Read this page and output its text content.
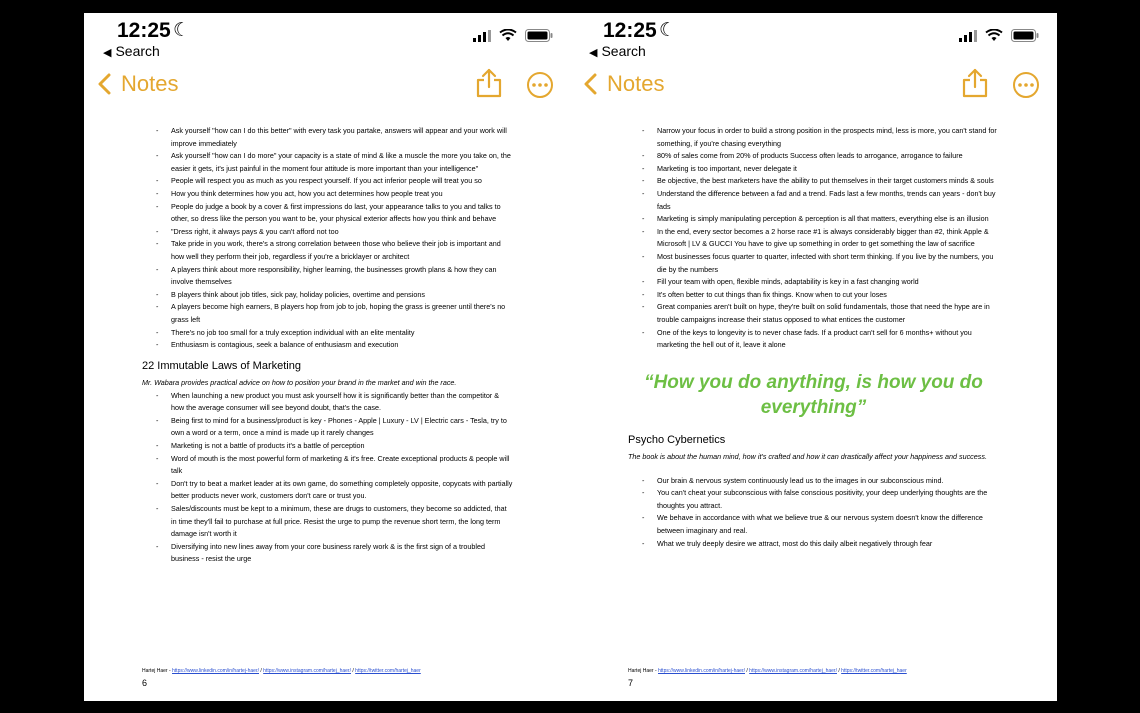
12:25 ☾
◀ Search
Notes
- Ask yourself "how can I do this better" with every task you partake, answers will appear and your work will improve immediately
- Ask yourself "how can I do more" your capacity is a state of mind & like a muscle the more you take on, the easier it gets, it's just painful in the moment four attitude is more important than your intelligence"
- People will respect you as much as you respect yourself. If you act inferior people will treat you so
- How you think determines how you act, how you act determines how people treat you
- People do judge a book by a cover & first impressions do last, your appearance talks to you and talks to other, so dress like the person you want to be, your physical exterior affects how you think and behave
- "Dress right, it always pays & you can't afford not too
- Take pride in you work, there's a strong correlation between those who believe their job is important and how well they perform their job, regardless if you're a bricklayer or architect
- A players think about more responsibility, higher learning, the businesses growth plans & how they can involve themselves
- B players think about job titles, sick pay, holiday policies, overtime and pensions
- A players become high earners, B players hop from job to job, hoping the grass is greener until there's no grass left
- There's no job too small for a truly exception individual with an elite mentality
- Enthusiasm is contagious, seek a balance of enthusiasm and execution
22 Immutable Laws of Marketing
Mr. Wabara provides practical advice on how to position your brand in the market and win the race.
- When launching a new product you must ask yourself how it is significantly better than the competitor & how the average consumer will see beyond doubt, that's the case.
- Being first to mind for a business/product is key - Phones - Apple | Luxury - LV | Electric cars - Tesla, try to own a word or a term, once a mind is made up it rarely changes
- Marketing is not a battle of products it's a battle of perception
- Word of mouth is the most powerful form of marketing & it's free. Create exceptional products & people will talk
- Don't try to beat a market leader at its own game, do something completely opposite, copycats with partially better products never work, customers don't care or trust you.
- Sales/discounts must be kept to a minimum, these are drugs to customers, they become so addicted, that in time they'll fail to purchase at full price. Resist the urge to pump the revenue short term, the long term damage isn't worth it
- Diversifying into new lines away from your core business rarely work & is the first sign of a troubled business - resist the urge
Hartej Haer - https://www.linkedin.com/in/hartej-haer/ / https://www.instagram.com/hartej_haer/ / https://twitter.com/hartej_haer
6
12:25 ☾
◀ Search
Notes
- Narrow your focus in order to build a strong position in the prospects mind, less is more, you can't stand for something, if you're chasing everything
- 80% of sales come from 20% of products Success often leads to arrogance, arrogance to failure
- Marketing is too important, never delegate it
- Be objective, the best marketers have the ability to put themselves in their target customers minds & souls
- Understand the difference between a fad and a trend. Fads last a few months, trends can years - don't buy fads
- Marketing is simply manipulating perception & perception is all that matters, everything else is an illusion
- In the end, every sector becomes a 2 horse race #1 is always considerably bigger than #2, think Apple & Microsoft | LV & GUCCI You have to give up something in order to get something the law of sacrifice
- Most businesses focus quarter to quarter, infected with short term thinking. If you live by the numbers, you die by the numbers
- Fill your team with open, flexible minds, adaptability is key in a fast changing world
- It's often better to cut things than fix things. Know when to cut your loses
- Great companies aren't built on hype, they're built on solid fundamentals, those that need the hype are in trouble campaigns increase their status opposed to what entices the customer
- One of the keys to longevity is to never chase fads. If a product can't sell for 6 months+ without you marketing the hell out of it, leave it alone
“How you do anything, is how you do everything”
Psycho Cybernetics
The book is about the human mind, how it's crafted and how it can drastically affect your happiness and success.
- Our brain & nervous system continuously lead us to the images in our subconscious mind.
- You can't cheat your subconscious with false conscious positivity, your deep underlying thoughts are the thoughts you attract.
- We behave in accordance with what we believe true & our nervous system doesn't know the difference between imaginary and real.
- What we truly deeply desire we attract, most do this daily albeit negatively through fear
Hartej Haer - https://www.linkedin.com/in/hartej-haer/ / https://www.instagram.com/hartej_haer/ / https://twitter.com/hartej_haer
7
